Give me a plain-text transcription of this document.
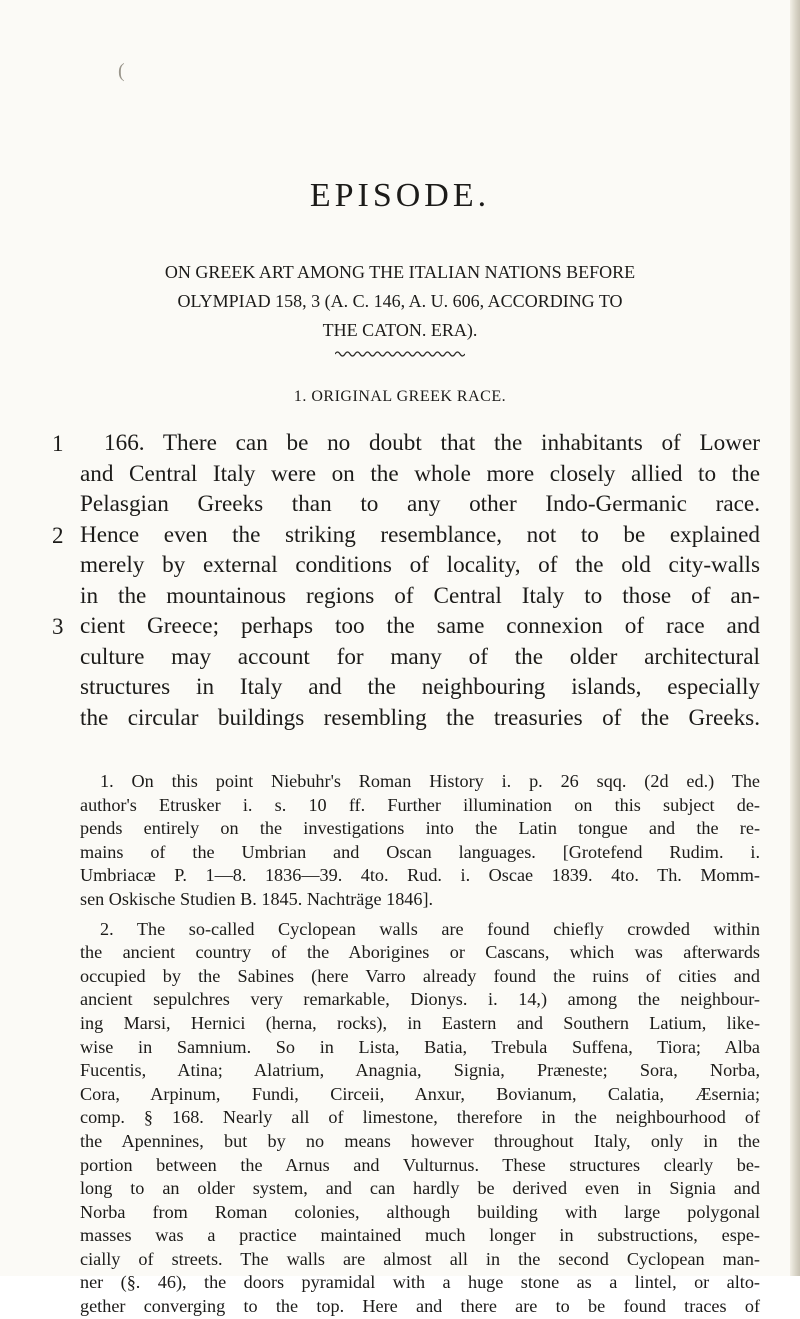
(
EPISODE.
ON GREEK ART AMONG THE ITALIAN NATIONS BEFORE OLYMPIAD 158, 3 (A. C. 146, A. U. 606, ACCORDING TO THE CATON. ERA).
1. ORIGINAL GREEK RACE.
1
2
3
166. There can be no doubt that the inhabitants of Lower
and Central Italy were on the whole more closely allied to the
Pelasgian Greeks than to any other Indo-Germanic race.
Hence even the striking resemblance, not to be explained
merely by external conditions of locality, of the old city-walls
in the mountainous regions of Central Italy to those of an-
cient Greece; perhaps too the same connexion of race and
culture may account for many of the older architectural
structures in Italy and the neighbouring islands, especially
the circular buildings resembling the treasuries of the Greeks.
1. On this point Niebuhr's Roman History i. p. 26 sqq. (2d ed.) The
author's Etrusker i. s. 10 ff. Further illumination on this subject de-
pends entirely on the investigations into the Latin tongue and the re-
mains of the Umbrian and Oscan languages. [Grotefend Rudim. i.
Umbriacæ P. 1—8. 1836—39. 4to. Rud. i. Oscae 1839. 4to. Th. Momm-
sen Oskische Studien B. 1845. Nachträge 1846].
2. The so-called Cyclopean walls are found chiefly crowded within
the ancient country of the Aborigines or Cascans, which was afterwards
occupied by the Sabines (here Varro already found the ruins of cities and
ancient sepulchres very remarkable, Dionys. i. 14,) among the neighbour-
ing Marsi, Hernici (herna, rocks), in Eastern and Southern Latium, like-
wise in Samnium. So in Lista, Batia, Trebula Suffena, Tiora; Alba
Fucentis, Atina; Alatrium, Anagnia, Signia, Præneste; Sora, Norba,
Cora, Arpinum, Fundi, Circeii, Anxur, Bovianum, Calatia, Æsernia;
comp. § 168. Nearly all of limestone, therefore in the neighbourhood of
the Apennines, but by no means however throughout Italy, only in the
portion between the Arnus and Vulturnus. These structures clearly be-
long to an older system, and can hardly be derived even in Signia and
Norba from Roman colonies, although building with large polygonal
masses was a practice maintained much longer in substructions, espe-
cially of streets. The walls are almost all in the second Cyclopean man-
ner (§. 46), the doors pyramidal with a huge stone as a lintel, or alto-
gether converging to the top. Here and there are to be found traces of
